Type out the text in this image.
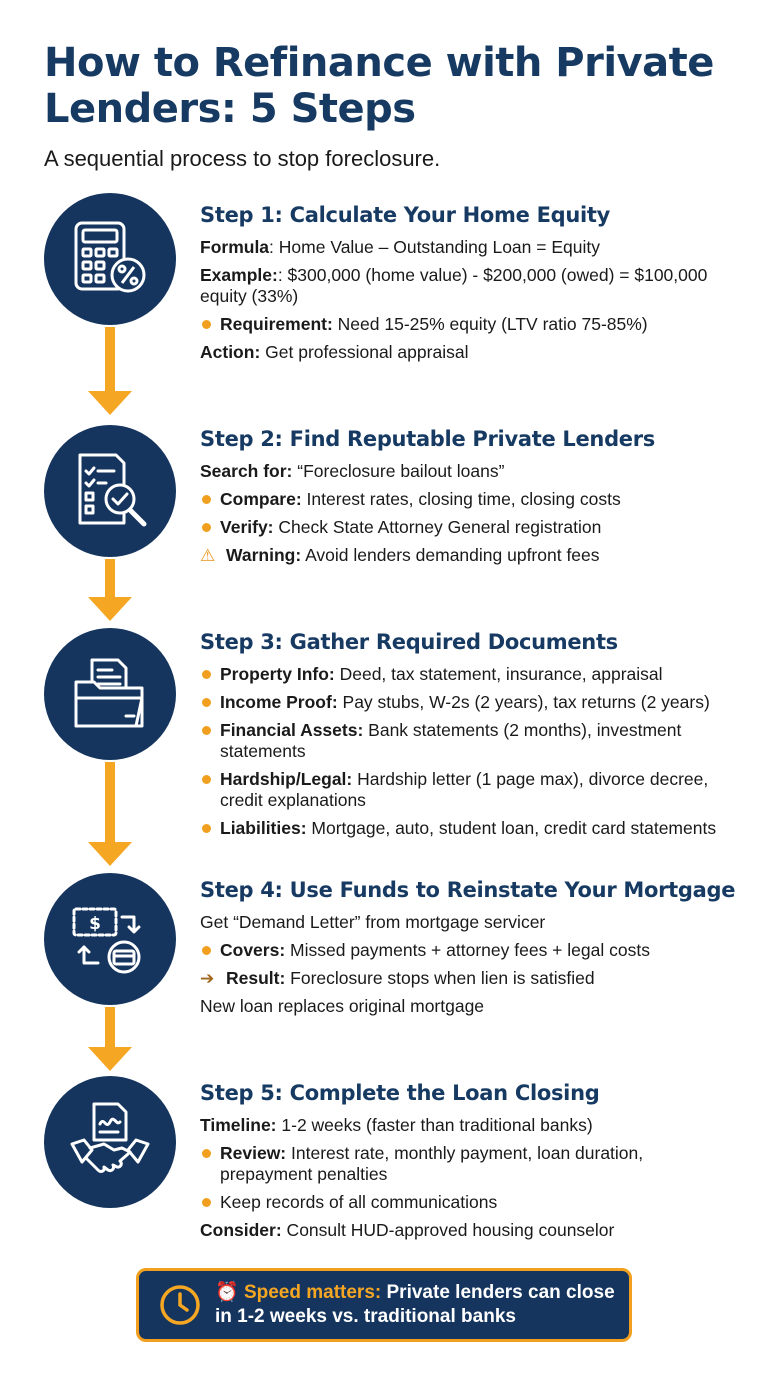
How to Refinance with Private Lenders: 5 Steps
A sequential process to stop foreclosure.
$
Step 1: Calculate Your Home Equity
Formula: Home Value – Outstanding Loan = Equity
Example:: $300,000 (home value) - $200,000 (owed) = $100,000 equity (33%)
Requirement: Need 15-25% equity (LTV ratio 75-85%)
Action: Get professional appraisal
Step 2: Find Reputable Private Lenders
Search for: “Foreclosure bailout loans”
Compare: Interest rates, closing time, closing costs
Verify: Check State Attorney General registration
⚠ Warning: Avoid lenders demanding upfront fees
Step 3: Gather Required Documents
Property Info: Deed, tax statement, insurance, appraisal
Income Proof: Pay stubs, W-2s (2 years), tax returns (2 years)
Financial Assets: Bank statements (2 months), investment statements
Hardship/Legal: Hardship letter (1 page max), divorce decree, credit explanations
Liabilities: Mortgage, auto, student loan, credit card statements
Step 4: Use Funds to Reinstate Your Mortgage
Get “Demand Letter” from mortgage servicer
Covers: Missed payments + attorney fees + legal costs
➔ Result: Foreclosure stops when lien is satisfied
New loan replaces original mortgage
Step 5: Complete the Loan Closing
Timeline: 1-2 weeks (faster than traditional banks)
Review: Interest rate, monthly payment, loan duration, prepayment penalties
Keep records of all communications
Consider: Consult HUD-approved housing counselor
⏰ Speed matters: Private lenders can close in 1-2 weeks vs. traditional banks
